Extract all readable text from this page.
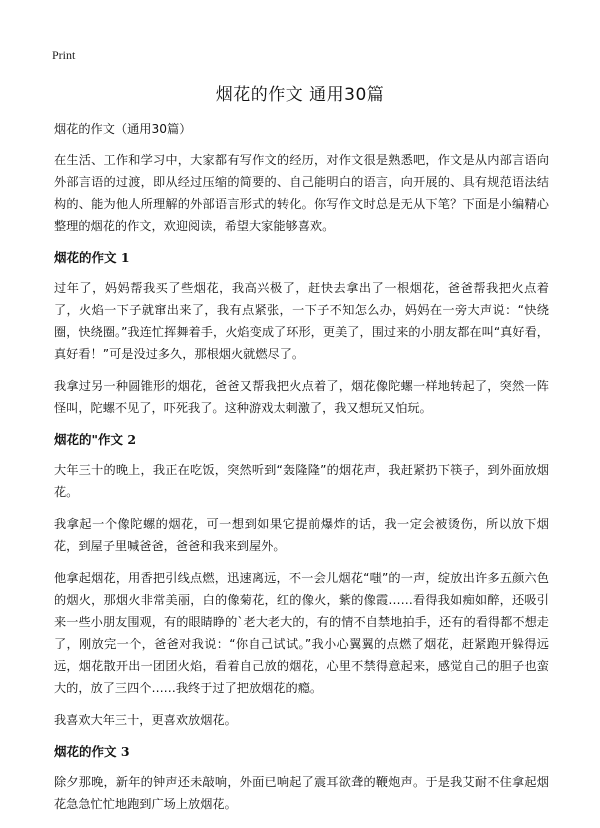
Print
烟花的作文 通用30篇
烟花的作文（通用30篇）
在生活、工作和学习中，大家都有写作文的经历，对作文很是熟悉吧，作文是从内部言语向外部言语的过渡，即从经过压缩的简要的、自己能明白的语言，向开展的、具有规范语法结构的、能为他人所理解的外部语言形式的转化。你写作文时总是无从下笔？下面是小编精心整理的烟花的作文，欢迎阅读，希望大家能够喜欢。
烟花的作文 1
过年了，妈妈帮我买了些烟花，我高兴极了，赶快去拿出了一根烟花，爸爸帮我把火点着了，火焰一下子就窜出来了，我有点紧张，一下子不知怎么办，妈妈在一旁大声说：“快绕圈，快绕圈。”我连忙挥舞着手，火焰变成了环形，更美了，围过来的小朋友都在叫“真好看，真好看！”可是没过多久，那根烟火就燃尽了。
我拿过另一种圆锥形的烟花，爸爸又帮我把火点着了，烟花像陀螺一样地转起了，突然一阵怪叫，陀螺不见了，吓死我了。这种游戏太刺激了，我又想玩又怕玩。
烟花的"作文 2
大年三十的晚上，我正在吃饭，突然听到“轰隆隆”的烟花声，我赶紧扔下筷子，到外面放烟花。
我拿起一个像陀螺的烟花，可一想到如果它提前爆炸的话，我一定会被烫伤，所以放下烟花，到屋子里喊爸爸，爸爸和我来到屋外。
他拿起烟花，用香把引线点燃，迅速离远，不一会儿烟花“嗤”的一声，绽放出许多五颜六色的烟火，那烟火非常美丽，白的像菊花，红的像火，紫的像霞……看得我如痴如醉，还吸引来一些小朋友围观，有的眼睛睁的`老大老大的，有的情不自禁地拍手，还有的看得都不想走了，刚放完一个，爸爸对我说：“你自己试试。”我小心翼翼的点燃了烟花，赶紧跑开躲得远远，烟花散开出一团团火焰，看着自己放的烟花，心里不禁得意起来，感觉自己的胆子也蛮大的，放了三四个……我终于过了把放烟花的瘾。
我喜欢大年三十，更喜欢放烟花。
烟花的作文 3
除夕那晚，新年的钟声还未敲响，外面已响起了震耳欲聋的鞭炮声。于是我艾耐不住拿起烟花急急忙忙地跑到广场上放烟花。
